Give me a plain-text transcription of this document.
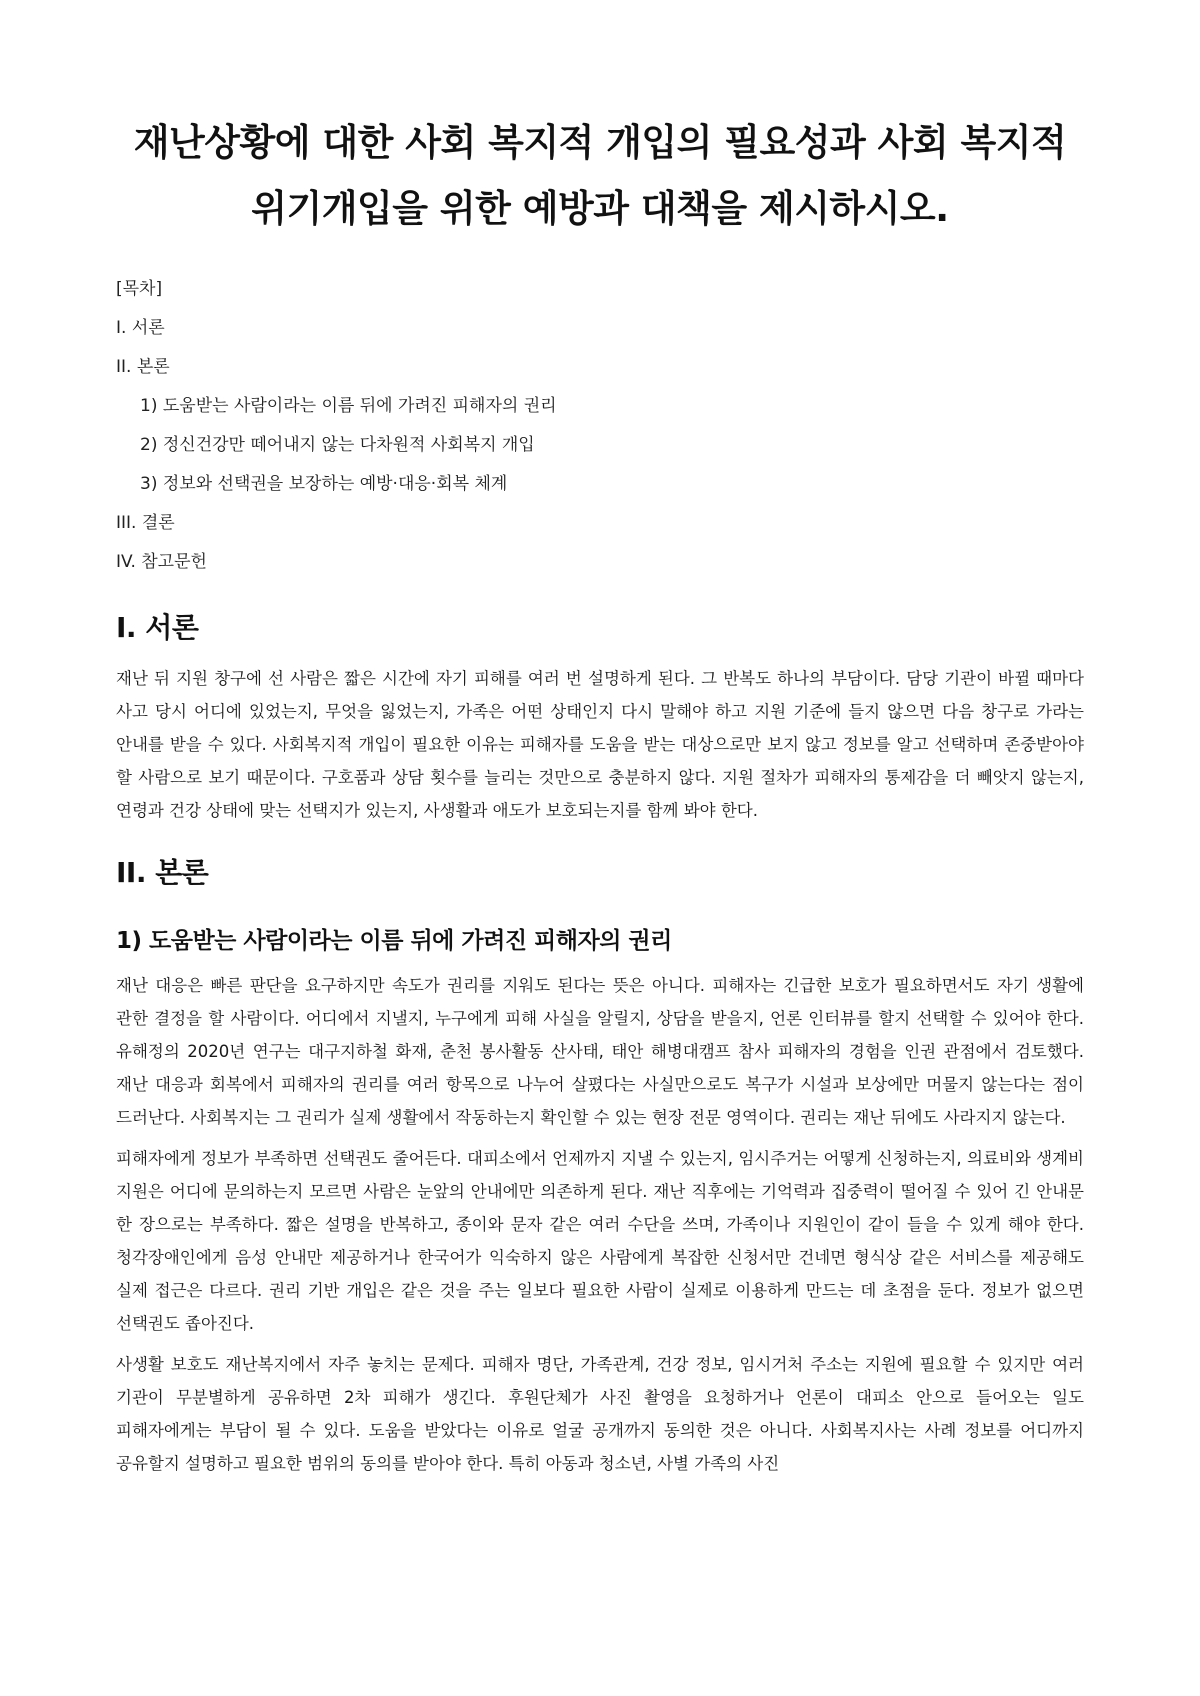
재난상황에 대한 사회 복지적 개입의 필요성과 사회 복지적 위기개입을 위한 예방과 대책을 제시하시오.
[목차]
I. 서론
II. 본론
1) 도움받는 사람이라는 이름 뒤에 가려진 피해자의 권리
2) 정신건강만 떼어내지 않는 다차원적 사회복지 개입
3) 정보와 선택권을 보장하는 예방·대응·회복 체계
III. 결론
IV. 참고문헌
I. 서론

재난 뒤 지원 창구에 선 사람은 짧은 시간에 자기 피해를 여러 번 설명하게 된다. 그 반복도 하나의 부담이다. 담당 기관이 바뀔 때마다 사고 당시 어디에 있었는지, 무엇을 잃었는지, 가족은 어떤 상태인지 다시 말해야 하고 지원 기준에 들지 않으면 다음 창구로 가라는 안내를 받을 수 있다. 사회복지적 개입이 필요한 이유는 피해자를 도움을 받는 대상으로만 보지 않고 정보를 알고 선택하며 존중받아야 할 사람으로 보기 때문이다. 구호품과 상담 횟수를 늘리는 것만으로 충분하지 않다. 지원 절차가 피해자의 통제감을 더 빼앗지 않는지, 연령과 건강 상태에 맞는 선택지가 있는지, 사생활과 애도가 보호되는지를 함께 봐야 한다.

II. 본론
1) 도움받는 사람이라는 이름 뒤에 가려진 피해자의 권리

재난 대응은 빠른 판단을 요구하지만 속도가 권리를 지워도 된다는 뜻은 아니다. 피해자는 긴급한 보호가 필요하면서도 자기 생활에 관한 결정을 할 사람이다. 어디에서 지낼지, 누구에게 피해 사실을 알릴지, 상담을 받을지, 언론 인터뷰를 할지 선택할 수 있어야 한다. 유해정의 2020년 연구는 대구지하철 화재, 춘천 봉사활동 산사태, 태안 해병대캠프 참사 피해자의 경험을 인권 관점에서 검토했다. 재난 대응과 회복에서 피해자의 권리를 여러 항목으로 나누어 살폈다는 사실만으로도 복구가 시설과 보상에만 머물지 않는다는 점이 드러난다. 사회복지는 그 권리가 실제 생활에서 작동하는지 확인할 수 있는 현장 전문 영역이다. 권리는 재난 뒤에도 사라지지 않는다.

피해자에게 정보가 부족하면 선택권도 줄어든다. 대피소에서 언제까지 지낼 수 있는지, 임시주거는 어떻게 신청하는지, 의료비와 생계비 지원은 어디에 문의하는지 모르면 사람은 눈앞의 안내에만 의존하게 된다. 재난 직후에는 기억력과 집중력이 떨어질 수 있어 긴 안내문 한 장으로는 부족하다. 짧은 설명을 반복하고, 종이와 문자 같은 여러 수단을 쓰며, 가족이나 지원인이 같이 들을 수 있게 해야 한다. 청각장애인에게 음성 안내만 제공하거나 한국어가 익숙하지 않은 사람에게 복잡한 신청서만 건네면 형식상 같은 서비스를 제공해도 실제 접근은 다르다. 권리 기반 개입은 같은 것을 주는 일보다 필요한 사람이 실제로 이용하게 만드는 데 초점을 둔다. 정보가 없으면 선택권도 좁아진다.

사생활 보호도 재난복지에서 자주 놓치는 문제다. 피해자 명단, 가족관계, 건강 정보, 임시거처 주소는 지원에 필요할 수 있지만 여러 기관이 무분별하게 공유하면 2차 피해가 생긴다. 후원단체가 사진 촬영을 요청하거나 언론이 대피소 안으로 들어오는 일도 피해자에게는 부담이 될 수 있다. 도움을 받았다는 이유로 얼굴 공개까지 동의한 것은 아니다. 사회복지사는 사례 정보를 어디까지 공유할지 설명하고 필요한 범위의 동의를 받아야 한다. 특히 아동과 청소년, 사별 가족의 사진
